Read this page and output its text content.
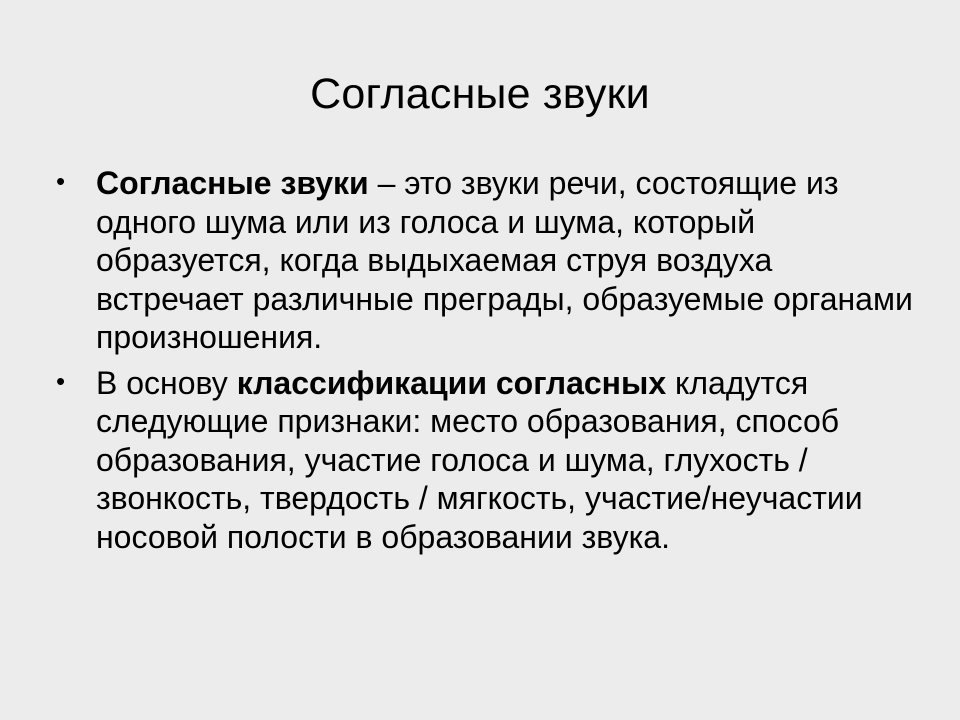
Согласные звуки
• Согласные звуки – это звуки речи, состоящие из одного шума или из голоса и шума, который образуется, когда выдыхаемая струя воздуха встречает различные преграды, образуемые органами произношения.
• В основу классификации согласных кладутся следующие признаки: место образования, способ образования, участие голоса и шума, глухость / звонкость, твердость / мягкость, участие/неучастии носовой полости в образовании звука.
